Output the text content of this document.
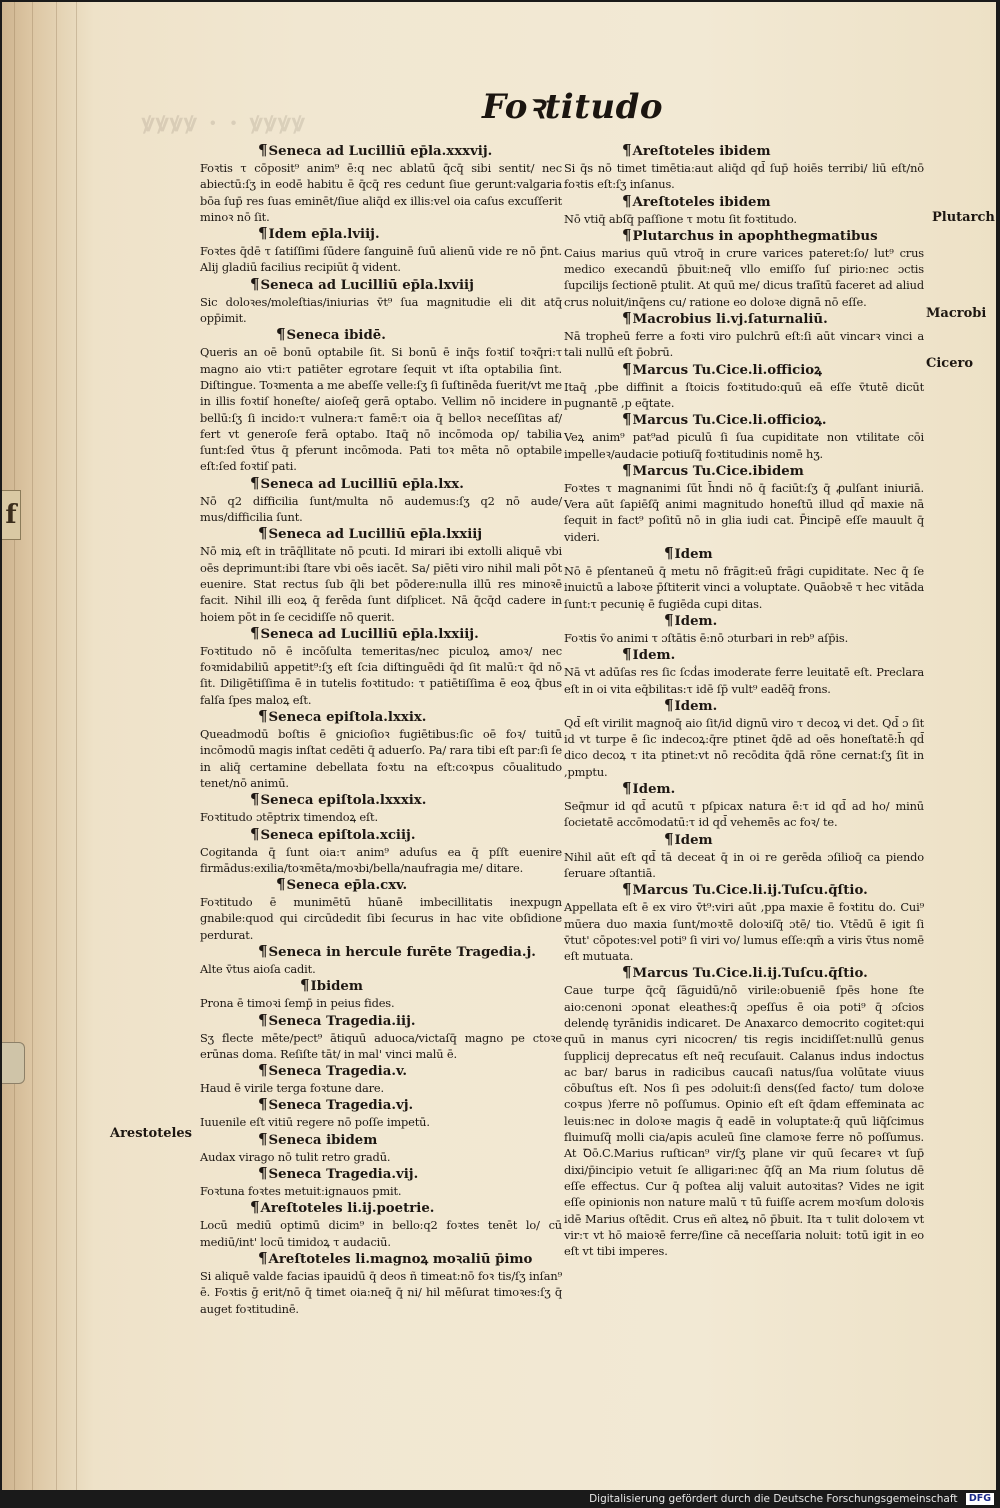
f
ꝟꝟꝟꝟ · · ꝟꝟꝟꝟ	Foꝛtitudo
¶Seneca ad Lucilliū ep̄la.xxxvij.
Foꝛtis τ cōposit⁹ anim⁹ ē:q nec ablatū q̄cq̄ sibi sentit/ nec abiectū:ſʒ in eodē habitu ē q̄cq̄ res cedunt ſiue gerunt:valgaria bōa ſup̄ res ſuas eminēt/ſiue aliq̄d ex illis:vel oia caſus excuſſerit minoꝛ nō ſit.
¶Idem ep̄la.lviij.
Foꝛtes q̄dē τ ſatiſſimi ſūdere ſanguinē ſuū alienū vide re nō p̄nt. Alij gladiū facilius recipiūt q̄ vident.
¶Seneca ad Lucilliū ep̄la.lxviij
Sic doloꝛes/moleſtias/iniurias v̄t⁹ ſua magnitudie eli dit atq̄ opp̄imit.
¶Seneca ibidē.
Queris an oē bonū optabile ſit. Si bonū ē inq̄s foꝛtiſ toꝛq̄ri:τ magno aio vti:τ patiēter egrotare ſequit vt iſta optabilia ſint. Diſtingue. Toꝛmenta a me abeſſe velle:ſʒ ſi ſuſtinēda fuerit/vt me in illis foꝛtiſ honeſte/ aioſeq̄ gerā optabo. Vellim nō incidere in bellū:ſʒ ſi incido:τ vulnera:τ famē:τ oia q̄ belloꝛ neceſſitas af/ fert vt generoſe ferā optabo. Itaq̄ nō incōmoda op/ tabilia ſunt:ſed v̄tus q̄ pferunt incōmoda. Pati toꝛ mēta nō optabile eſt:ſed foꝛtiſ pati.
¶Seneca ad Lucilliū ep̄la.lxx.
Nō q2 difficilia ſunt/multa nō audemus:ſʒ q2 nō aude/ mus/difficilia ſunt.
¶Seneca ad Lucilliū ep̄la.lxxiij
Nō miꝝ eſt in trāq̄llitate nō pcuti. Id mirari ibi extolli aliquē vbi oēs deprimunt:ibi ſtare vbi oēs iacēt. Sa/ piēti viro nihil mali pōt euenire. Stat rectus ſub q̄li bet pōdere:nulla illū res minoꝛē facit. Nihil illi eoꝝ q̄ ferēda ſunt diſplicet. Nā q̄cq̄d cadere in hoiem pōt in ſe cecidiſſe nō querit.
¶Seneca ad Lucilliū ep̄la.lxxiij.
Foꝛtitudo nō ē incōſulta temeritas/nec piculoꝝ amoꝛ/ nec foꝛmidabiliū appetit⁹:ſʒ eſt ſcia diſtinguēdi q̄d ſit malū:τ q̄d nō ſit. Diligētiſſima ē in tutelis foꝛtitudo: τ patiētiſſima ē eoꝝ q̄bus falſa ſpes maloꝝ eſt.
¶Seneca epiſtola.lxxix.
Queadmodū boſtis ē gnicioſioꝛ fugiētibus:ſic oē foꝛ/ tuitū incōmodū magis inſtat cedēti q̄ aduerſo. Pa/ rara tibi eſt par:ſi ſe in aliq̄ certamine debellata foꝛtu na eſt:coꝛpus cōualitudo tenet/nō animū.
¶Seneca epiſtola.lxxxix.
Foꝛtitudo ɔtēptrix timendoꝝ eſt.
¶Seneca epiſtola.xciij.
Cogitanda q̄ ſunt oia:τ anim⁹ aduſus ea q̄ pſſt euenire firmādus:exilia/toꝛmēta/moꝛbi/bella/naufragia me/ ditare.
¶Seneca ep̄la.cxv.
Foꝛtitudo ē munimētū hūanē imbecillitatis inexpugn gnabile:quod qui circūdedit ſibi ſecurus in hac vite obſidione perdurat.
¶Seneca in hercule furēte Tragedia.j.
Alte v̄tus aioſa cadit.
¶Ibidem
Prona ē timoꝛi ſemp̄ in peius fides.
¶Seneca Tragedia.iij.
Sʒ flecte mēte/pect⁹ ātiquū aduoca/victaſq̄ magno pe ctoꝛe erūnas doma. Reſiſte tāt/ in mal' vinci malū ē.
¶Seneca Tragedia.v.
Haud ē virile terga foꝛtune dare.
¶Seneca Tragedia.vj.
Iuuenile eſt vitiū regere nō poſſe impetū.
¶Seneca ibidem
Audax virago nō tulit retro gradū.
¶Seneca Tragedia.vij.
Foꝛtuna foꝛtes metuit:ignauos pmit.
¶Areſtoteles li.ij.poetrie.
Locū mediū optimū dicim⁹ in bello:q2 foꝛtes tenēt lo/ cū mediū/int' locū timidoꝝ τ audaciū.
¶Areſtoteles li.magnoꝝ moꝛaliū p̄imo
Si aliquē valde facias ipauidū q̄ deos ñ timeat:nō foꝛ tis/ſʒ inſan⁹ ē. Foꝛtis ḡ erit/nō q̄ timet oia:neq̄ q̄ ni/ hil mēſurat timoꝛes:ſʒ q̄ auget foꝛtitudinē.
¶Areſtoteles ibidem
Si q̄s nō timet timētia:aut aliq̄d qd̄ ſup̄ hoiēs terribi/ liū eſt/nō foꝛtis eſt:ſʒ inſanus.
¶Areſtoteles ibidem
Nō vtiq̄ abſq̄ paſſione τ motu ſit foꝛtitudo.
¶Plutarchus in apophthegmatibus
Caius marius quū vtroq̄ in crure varices pateret:ſo/ lut⁹ crus medico execandū p̄buit:neq̄ vllo emiſſo ſuſ pirio:nec ɔctis ſupcilijs ſectionē ptulit. At quū me/ dicus traſītū faceret ad aliud crus noluit/inq̄ens cu/ ratione eo doloꝛe dignā nō eſſe.
¶Macrobius li.vj.ſaturnaliū.
Nā tropheū ferre a foꝛti viro pulchrū eſt:ſi aūt vincarꝛ vinci a tali nullū eſt p̄obrū.
¶Marcus Tu.Cice.li.officioꝝ
Itaq̄ ,pbe diffinit a ſtoicis foꝛtitudo:quū eā eſſe v̄tutē dicūt pugnantē ,p eq̄tate.
¶Marcus Tu.Cice.li.officioꝝ.
Veꝝ anim⁹ pat⁹ad piculū ſi ſua cupiditate non vtilitate cōi impelleꝛ/audacie potiuſq̄ foꝛtitudinis nomē hʒ.
¶Marcus Tu.Cice.ibidem
Foꝛtes τ magnanimi ſūt h̄ndi nō q̄ faciūt:ſʒ q̄ ꝓulſant iniuriā. Vera aūt ſapiēſq̄ animi magnitudo honeſtū illud qd̄ maxie nā ſequit in fact⁹ poſitū nō in glia iudi cat. P̄incipē eſſe mauult q̄ videri.
¶Idem
Nō ē pſentaneū q̄ metu nō frāgit:eū frāgi cupiditate. Nec q̄ ſe inuictū a laboꝛe p̄ſtiterit vinci a voluptate. Quāobꝛē τ hec vitāda ſunt:τ pecunię ē fugiēda cupi ditas.
¶Idem.
Foꝛtis v̄o animi τ ɔſtātis ē:nō ɔturbari in reb⁹ aſp̄is.
¶Idem.
Nā vt adūſas res ſic ſcḋas imoderate ferre leuitatē eſt. Preclara eſt in oi vita eq̄bilitas:τ idē ſp̄ vult⁹ eadēq̄ frons.
¶Idem.
Qd̄ eſt virilit magnoq̄ aio ſit/id dignū viro τ decoꝝ vi det. Qd̄ ɔ ſit id vt turpe ē ſic indecoꝝ:q̄re ptinet q̄dē ad oēs honeſtatē:h̄ qd̄ dico decoꝝ τ ita ptinet:vt nō recōdita q̄dā rōne cernat:ſʒ ſit in ,pmptu.
¶Idem.
Seq̄mur id qd̄ acutū τ pſpicax natura ē:τ id qd̄ ad ho/ minū ſocietatē accōmodatū:τ id qd̄ vehemēs ac foꝛ/ te.
¶Idem
Nihil aūt eſt qd̄ tā deceat q̄ in oi re gerēda ɔſilioq̄ ca piendo ſeruare ɔſtantiā.
¶Marcus Tu.Cice.li.ij.Tuſcu.q̄ſtio.
Appellata eſt ē ex viro v̄t⁹:viri aūt ,ppa maxie ē foꝛtitu do. Cui⁹ mūera duo maxia ſunt/moꝛtē doloꝛiſq̄ ɔtē/ tio. Vtēdū ē igit ſi v̄tut' cōpotes:vel poti⁹ ſi viri vo/ lumus eſſe:qm̄ a viris v̄tus nomē eſt mutuata.
¶Marcus Tu.Cice.li.ij.Tuſcu.q̄ſtio.
Caue turpe q̄cq̄ ſāguidū/nō virile:obueniē ſpēs hone ſte aio:cenoni ɔponat eleathes:q̄ ɔpeſſus ē oia poti⁹ q̄ ɔſcios delendę tyrānidis indicaret. De Anaxarco democrito cogitet:qui quū in manus cyri nicocren/ tis regis incidiſſet:nullū genus ſupplicij deprecatus eſt neq̄ recuſauit. Calanus indus indoctus ac bar/ barus in radicibus caucaſi natus/ſua volūtate viuus cōbuſtus eſt. Nos ſi pes ɔdoluit:ſi dens(ſed facto/ tum doloꝛe coꝛpus )ferre nō poſſumus. Opinio eſt eſt q̄dam effeminata ac leuis:nec in doloꝛe magis q̄ eadē in voluptate:q̄ quū liq̄ſcimus fluimuſq̄ molli cia/apis aculeū ſine clamoꝛe ferre nō poſſumus. At Ꝺō.C.Marius ruſtican⁹ vir/ſʒ plane vir quū ſecareꝛ vt ſup̄ dixi/p̄incipio vetuit ſe alligari:nec q̄ſq̄ an Ma rium ſolutus dē eſſe effectus. Cur q̄ poſtea alij valuit autoꝛitas? Vides ne igit eſſe opinionis non nature malū τ tū fuiſſe acrem moꝛſum doloꝛis idē Marius oſtēdit. Crus eñ alteꝝ nō p̄buit. Ita τ tulit doloꝛem vt vir:τ vt hō maioꝛē ferre/ſine cā neceſſaria noluit: totū igit in eo eſt vt tibi imperes.
Arestoteles
Plutarch
Macrobi
Cicero
Digitalisierung gefördert durch die Deutsche Forschungsgemeinschaft DFG
